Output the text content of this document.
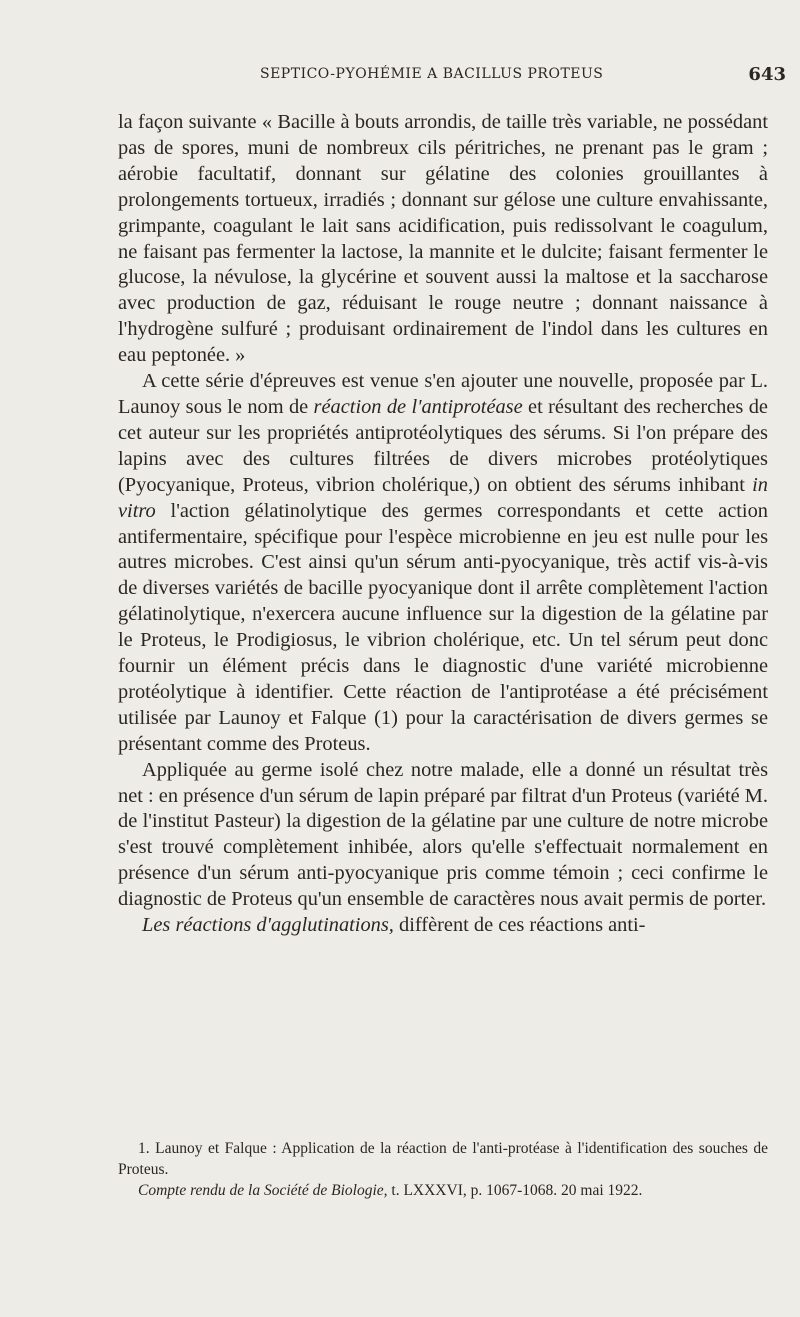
SEPTICO-PYOHÉMIE A BACILLUS PROTEUS	643

la façon suivante « Bacille à bouts arrondis, de taille très variable, ne possédant pas de spores, muni de nombreux cils péritriches, ne prenant pas le gram ; aérobie facultatif, donnant sur gélatine des colonies grouillantes à prolongements tortueux, irradiés ; donnant sur gélose une culture envahissante, grimpante, coagulant le lait sans acidification, puis redissolvant le coagulum, ne faisant pas fermenter la lactose, la mannite et le dulcite; faisant fermenter le glucose, la névulose, la glycérine et souvent aussi la maltose et la saccharose avec production de gaz, réduisant le rouge neutre ; donnant naissance à l'hydrogène sulfuré ; produisant ordinairement de l'indol dans les cultures en eau peptonée. »

A cette série d'épreuves est venue s'en ajouter une nouvelle, proposée par L. Launoy sous le nom de réaction de l'antiprotéase et résultant des recherches de cet auteur sur les propriétés antiprotéolytiques des sérums. Si l'on prépare des lapins avec des cultures filtrées de divers microbes protéolytiques (Pyocyanique, Proteus, vibrion cholérique,) on obtient des sérums inhibant in vitro l'action gélatinolytique des germes correspondants et cette action antifermentaire, spécifique pour l'espèce microbienne en jeu est nulle pour les autres microbes. C'est ainsi qu'un sérum anti-pyocyanique, très actif vis-à-vis de diverses variétés de bacille pyocyanique dont il arrête complètement l'action gélatinolytique, n'exercera aucune influence sur la digestion de la gélatine par le Proteus, le Prodigiosus, le vibrion cholérique, etc. Un tel sérum peut donc fournir un élément précis dans le diagnostic d'une variété microbienne protéolytique à identifier. Cette réaction de l'antiprotéase a été précisément utilisée par Launoy et Falque (1) pour la caractérisation de divers germes se présentant comme des Proteus.

Appliquée au germe isolé chez notre malade, elle a donné un résultat très net : en présence d'un sérum de lapin préparé par filtrat d'un Proteus (variété M. de l'institut Pasteur) la digestion de la gélatine par une culture de notre microbe s'est trouvé complètement inhibée, alors qu'elle s'effectuait normalement en présence d'un sérum anti-pyocyanique pris comme témoin ; ceci confirme le diagnostic de Proteus qu'un ensemble de caractères nous avait permis de porter.

Les réactions d'agglutinations, diffèrent de ces réactions anti-

1. Launoy et Falque : Application de la réaction de l'anti-protéase à l'identification des souches de Proteus.

Compte rendu de la Société de Biologie, t. LXXXVI, p. 1067-1068. 20 mai 1922.
